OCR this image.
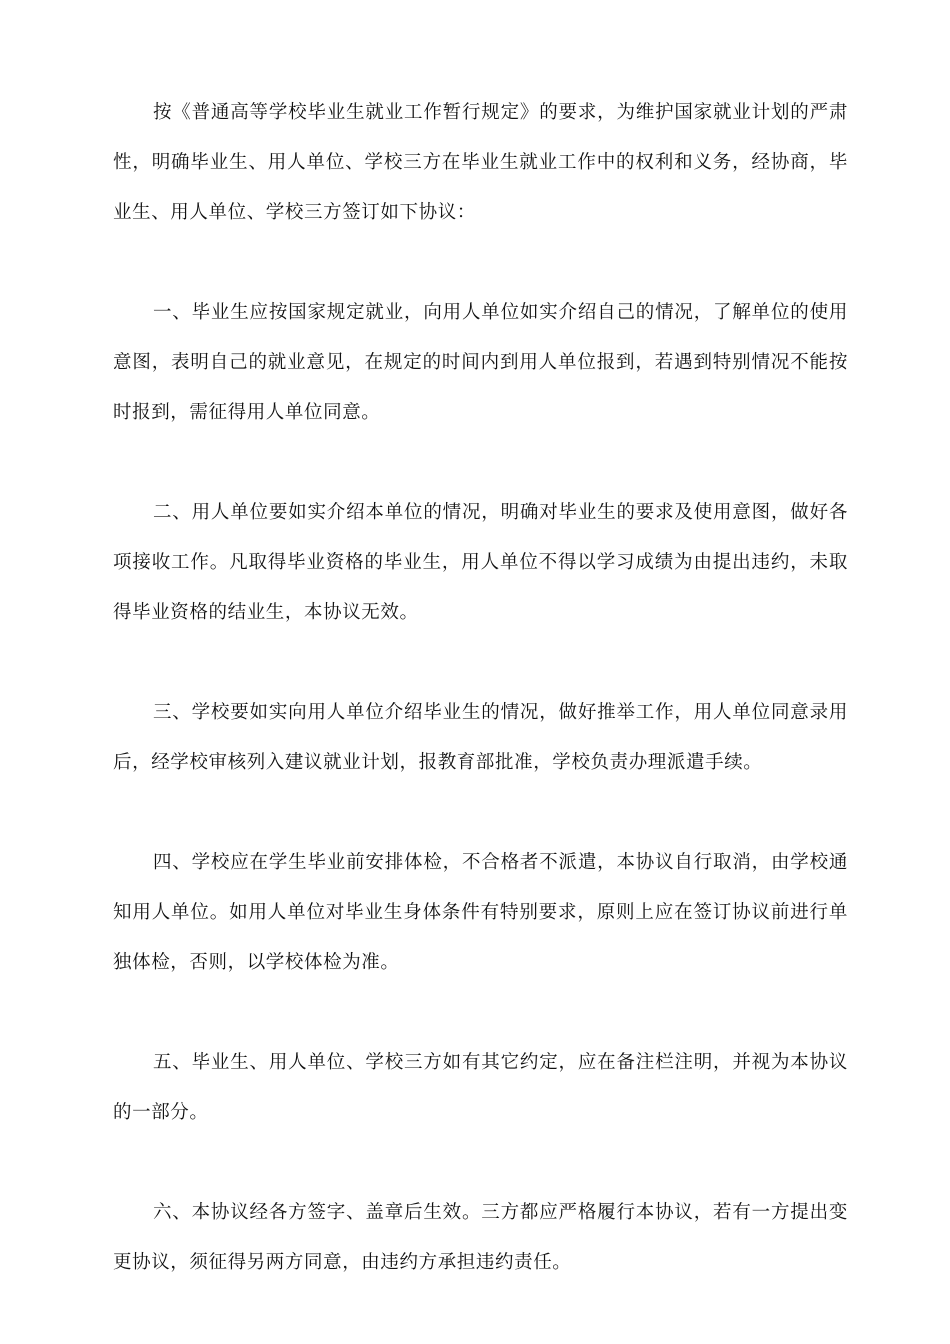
按《普通高等学校毕业生就业工作暂行规定》的要求，为维护国家就业计划的严肃性，明确毕业生、用人单位、学校三方在毕业生就业工作中的权利和义务，经协商，毕业生、用人单位、学校三方签订如下协议：

一、毕业生应按国家规定就业，向用人单位如实介绍自己的情况，了解单位的使用意图，表明自己的就业意见，在规定的时间内到用人单位报到，若遇到特别情况不能按时报到，需征得用人单位同意。

二、用人单位要如实介绍本单位的情况，明确对毕业生的要求及使用意图，做好各项接收工作。凡取得毕业资格的毕业生，用人单位不得以学习成绩为由提出违约，未取得毕业资格的结业生，本协议无效。

三、学校要如实向用人单位介绍毕业生的情况，做好推举工作，用人单位同意录用后，经学校审核列入建议就业计划，报教育部批准，学校负责办理派遣手续。

四、学校应在学生毕业前安排体检，不合格者不派遣，本协议自行取消，由学校通知用人单位。如用人单位对毕业生身体条件有特别要求，原则上应在签订协议前进行单独体检，否则，以学校体检为准。

五、毕业生、用人单位、学校三方如有其它约定，应在备注栏注明，并视为本协议的一部分。

六、本协议经各方签字、盖章后生效。三方都应严格履行本协议，若有一方提出变更协议，须征得另两方同意，由违约方承担违约责任。
